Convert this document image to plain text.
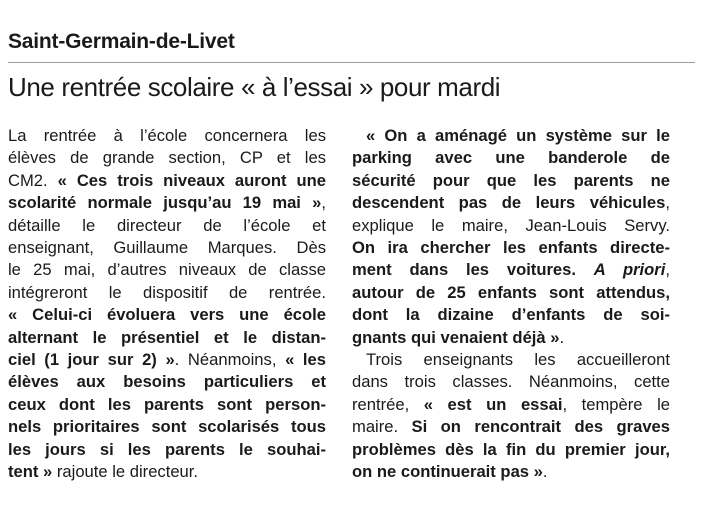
Saint-Germain-de-Livet
Une rentrée scolaire « à l’essai » pour mardi
La rentrée à l’école concernera les
élèves de grande section, CP et les
CM2. « Ces trois niveaux auront une
scolarité normale jusqu’au 19 mai »,
détaille le directeur de l’école et
enseignant, Guillaume Marques. Dès
le 25 mai, d’autres niveaux de classe
intégreront le dispositif de rentrée.
« Celui-ci évoluera vers une école
alternant le présentiel et le distan-
ciel (1 jour sur 2) ». Néanmoins, « les
élèves aux besoins particuliers et
ceux dont les parents sont person-
nels prioritaires sont scolarisés tous
les jours si les parents le souhai-
tent » rajoute le directeur.
« On a aménagé un système sur le
parking avec une banderole de
sécurité pour que les parents ne
descendent pas de leurs véhicules,
explique le maire, Jean-Louis Servy.
On ira chercher les enfants directe-
ment dans les voitures. A priori,
autour de 25 enfants sont attendus,
dont la dizaine d’enfants de soi-
gnants qui venaient déjà ».
Trois enseignants les accueilleront
dans trois classes. Néanmoins, cette
rentrée, « est un essai, tempère le
maire. Si on rencontrait des graves
problèmes dès la fin du premier jour,
on ne continuerait pas ».
